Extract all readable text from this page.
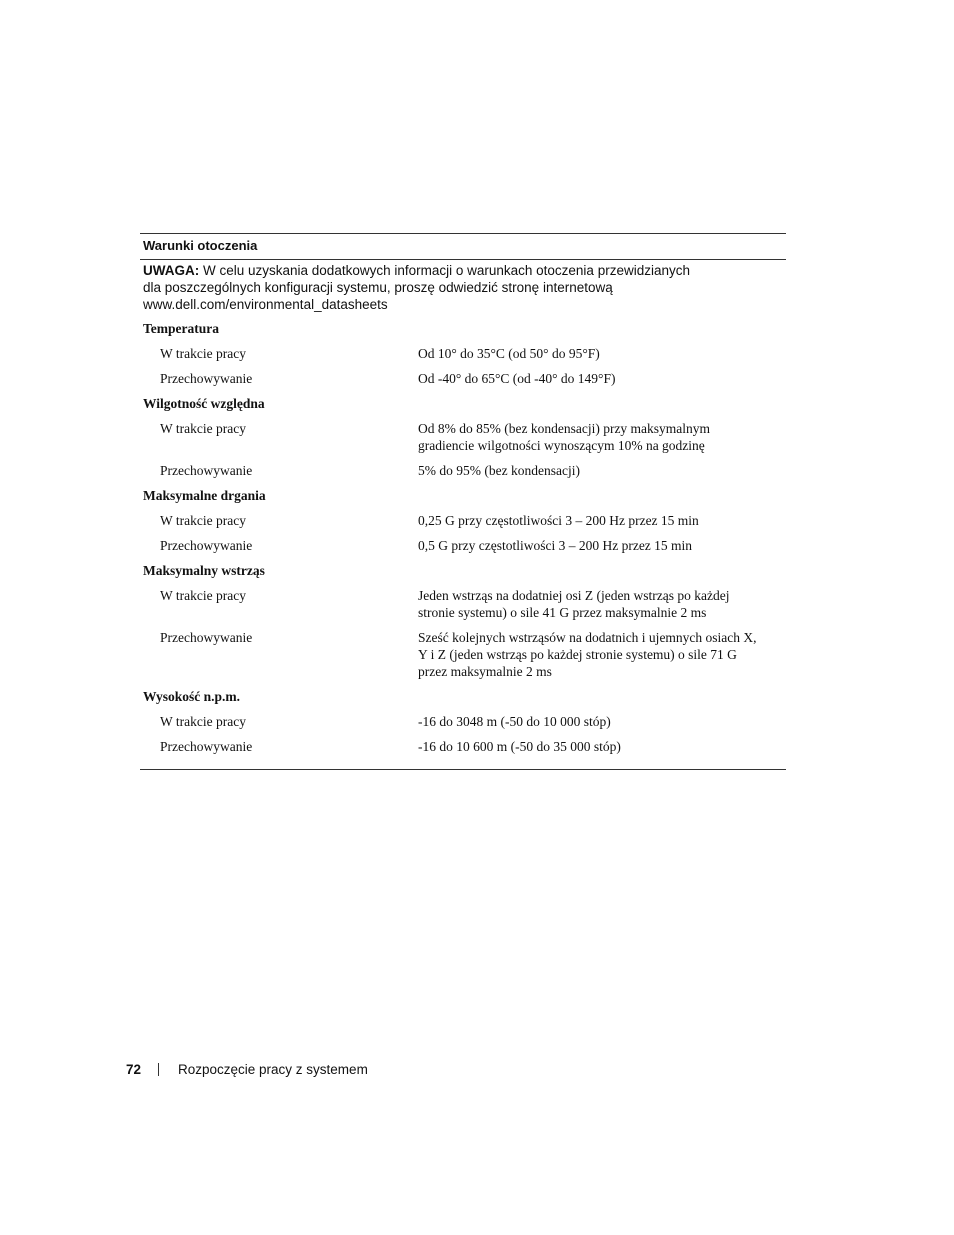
Warunki otoczenia
UWAGA: W celu uzyskania dodatkowych informacji o warunkach otoczenia przewidzianych
dla poszczególnych konfiguracji systemu, proszę odwiedzić stronę internetową
www.dell.com/environmental_datasheets
Temperatura
W trakcie pracy	Od 10° do 35°C (od 50° do 95°F)
Przechowywanie	Od -40° do 65°C (od -40° do 149°F)
Wilgotność względna
W trakcie pracy	Od 8% do 85% (bez kondensacji) przy maksymalnym gradiencie wilgotności wynoszącym 10% na godzinę
Przechowywanie	5% do 95% (bez kondensacji)
Maksymalne drgania
W trakcie pracy	0,25 G przy częstotliwości 3 – 200 Hz przez 15 min
Przechowywanie	0,5 G przy częstotliwości 3 – 200 Hz przez 15 min
Maksymalny wstrząs
W trakcie pracy	Jeden wstrząs na dodatniej osi Z (jeden wstrząs po każdej stronie systemu) o sile 41 G przez maksymalnie 2 ms
Przechowywanie	Sześć kolejnych wstrząsów na dodatnich i ujemnych osiach X, Y i Z (jeden wstrząs po każdej stronie systemu) o sile 71 G przez maksymalnie 2 ms
Wysokość n.p.m.
W trakcie pracy	-16 do 3048 m (-50 do 10 000 stóp)
Przechowywanie	-16 do 10 600 m (-50 do 35 000 stóp)
72	Rozpoczęcie pracy z systemem
